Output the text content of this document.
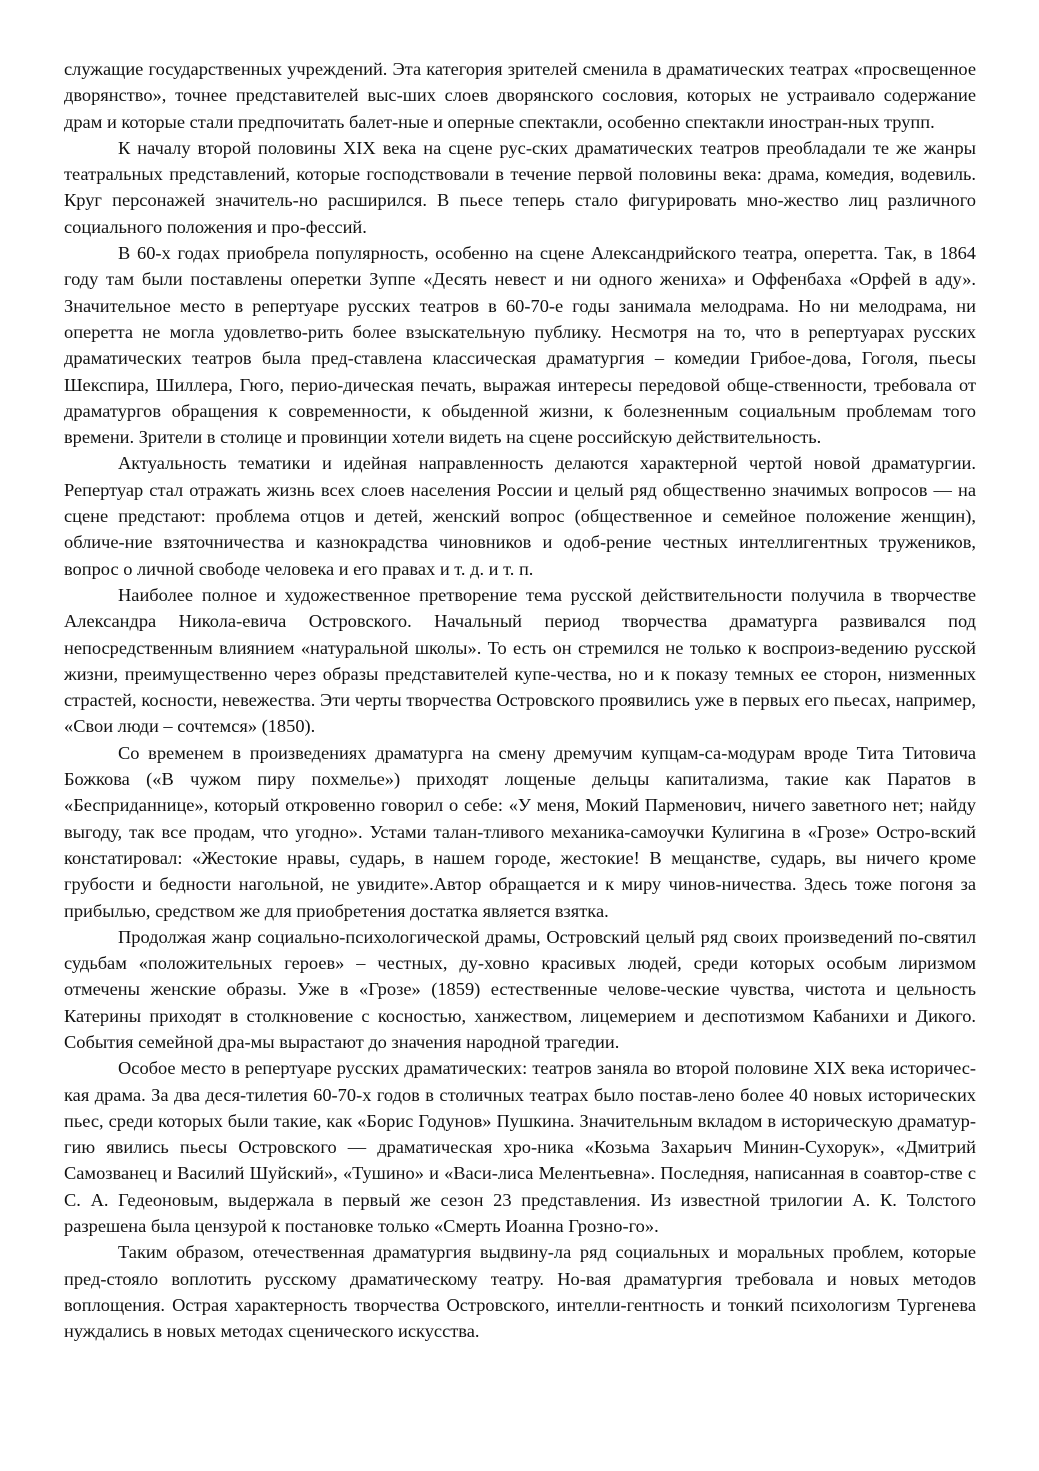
служащие государственных учреждений. Эта категория зрителей сменила в драматических театрах «просвещенное дворянство», точнее представителей выс-ших слоев дворянского сословия, которых не устраивало содержание драм и которые стали предпочитать балет-ные и оперные спектакли, особенно спектакли иностран-ных трупп.

К началу второй половины XIX века на сцене рус-ских драматических театров преобладали те же жанры театральных представлений, которые господствовали в течение первой половины века: драма, комедия, водевиль. Круг персонажей значитель-но расширился. В пьесе теперь стало фигурировать мно-жество лиц различного социального положения и про-фессий.

В 60-х годах приобрела популярность, особенно на сцене Александрийского театра, оперетта. Так, в 1864 году там были поставлены оперетки Зуппе «Десять невест и ни одного жениха» и Оффенбаха «Орфей в аду». Значительное место в репертуаре русских театров в 60-70-е годы занимала мелодрама. Но ни мелодрама, ни оперетта не могла удовлетво-рить более взыскательную публику. Несмотря на то, что в репертуарах русских драматических театров была пред-ставлена классическая драматургия – комедии Грибое-дова, Гоголя, пьесы Шекспира, Шиллера, Гюго, перио-дическая печать, выражая интересы передовой обще-ственности, требовала от драматургов обращения к современности, к обыденной жизни, к болезненным социальным проблемам того времени. Зрители в столице и провинции хотели видеть на сцене российскую действительность.

Актуальность тематики и идейная направленность делаются характерной чертой новой драматургии. Репертуар стал отражать жизнь всех слоев населения России и целый ряд общественно значимых вопросов — на сцене предстают: проблема отцов и детей, женский вопрос (общественное и семейное положение женщин), обличе-ние взяточничества и казнокрадства чиновников и одоб-рение честных интеллигентных тружеников, вопрос о личной свободе человека и его правах и т. д. и т. п.

Наиболее полное и художественное претворение тема русской действительности получила в творчестве Александра Никола-евича Островского. Начальный период творчества драматурга развивался под непосредственным влиянием «натуральной школы». То есть он стремился не только к воспроиз-ведению русской жизни, преимущественно через образы представителей купе-чества, но и к показу темных ее сторон, низменных страстей, косности, невежества. Эти черты творчества Островского проявились уже в первых его пьесах, например, «Свои люди – сочтемся» (1850).

Со временем в произведениях драматурга на смену дремучим купцам-са-модурам вроде Тита Титовича Божкова («В чужом пиру похмелье») приходят лощеные дельцы капитализма, такие как Паратов в «Бесприданнице», который откровенно говорил о себе: «У меня, Мокий Парменович, ничего заветного нет; найду выгоду, так все продам, что угодно». Устами талан-тливого механика-самоучки Кулигина в «Грозе» Остро-вский констатировал: «Жестокие нравы, сударь, в нашем городе, жестокие! В мещанстве, сударь, вы ничего кроме грубости и бедности нагольной, не увидите».Автор обращается и к миру чинов-ничества. Здесь тоже погоня за прибылью, средством же для приобретения достатка является взятка.

Продолжая жанр социально-психологической драмы, Островский целый ряд своих произведений по-святил судьбам «положительных героев» – честных, ду-ховно красивых людей, среди которых особым лиризмом отмечены женские образы. Уже в «Грозе» (1859) естественные челове-ческие чувства, чистота и цельность Катерины приходят в столкновение с косностью, ханжеством, лицемерием и деспотизмом Кабанихи и Дикого. События семейной дра-мы вырастают до значения народной трагедии.

Особое место в репертуаре русских драматических: театров заняла во второй половине XIX века историчес-кая драма. За два деся-тилетия 60-70-х годов в столичных театрах было постав-лено более 40 новых исторических пьес, среди которых были такие, как «Борис Годунов» Пушкина. Значительным вкладом в историческую драматур-гию явились пьесы Островского — драматическая хро-ника «Козьма Захарьич Минин-Сухорук», «Дмитрий Самозванец и Василий Шуйский», «Тушино» и «Васи-лиса Мелентьевна». Последняя, написанная в соавтор-стве с С. А. Гедеоновым, выдержала в первый же сезон 23 представления. Из известной трилогии А. К. Толстого разрешена была цензурой к постановке только «Смерть Иоанна Грозно-го».

Таким образом, отечественная драматургия выдвину-ла ряд социальных и моральных проблем, которые пред-стояло воплотить русскому драматическому театру. Но-вая драматургия требовала и новых методов воплощения. Острая характерность творчества Островского, интелли-гентность и тонкий психологизм Тургенева нуждались в новых методах сценического искусства.
